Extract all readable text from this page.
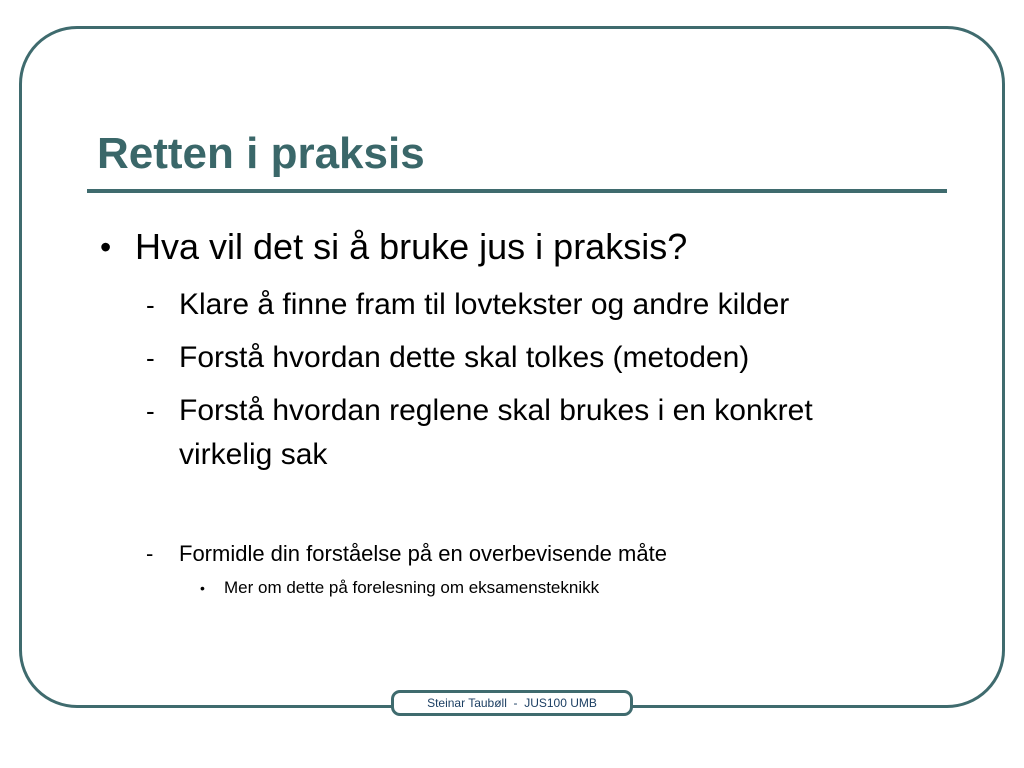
Retten i praksis
• Hva vil det si å bruke jus i praksis?
- Klare å finne fram til lovtekster og andre kilder
- Forstå hvordan dette skal tolkes (metoden)
- Forstå hvordan reglene skal brukes i en konkret virkelig sak
- Formidle din forståelse på en overbevisende måte
• Mer om dette på forelesning om eksamensteknikk
Steinar Taubøll  -  JUS100 UMB
